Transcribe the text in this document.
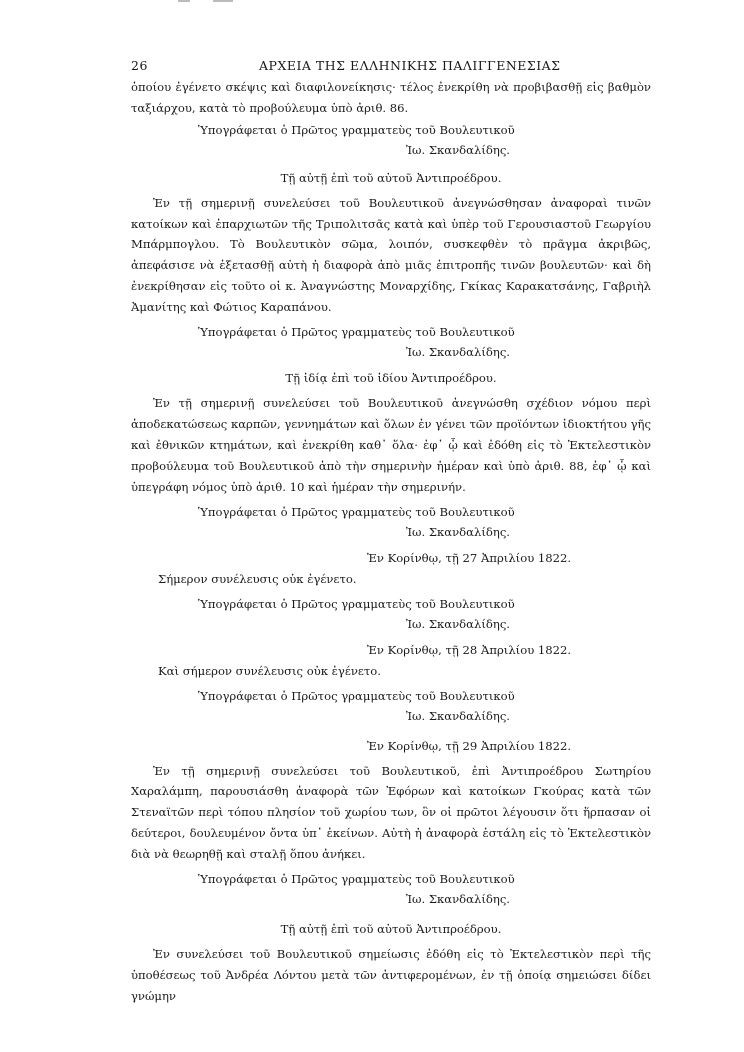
26	ΑΡΧΕΙΑ ΤΗΣ ΕΛΛΗΝΙΚΗΣ ΠΑΛΙΓΓΕΝΕΣΙΑΣ

ὁποίου ἐγένετο σκέψις καὶ διαφιλονείκησις· τέλος ἐνεκρίθη νὰ προβιβασθῇ εἰς βαθμὸν ταξιάρχου, κατὰ τὸ προβούλευμα ὑπὸ ἀριθ. 86.

Ὑπογράφεται ὁ Πρῶτος γραμματεὺς τοῦ Βουλευτικοῦ
Ἰω. Σκανδαλίδης.

Τῇ αὐτῇ ἐπὶ τοῦ αὐτοῦ Ἀντιπροέδρου.

Ἐν τῇ σημερινῇ συνελεύσει τοῦ Βουλευτικοῦ ἀνεγνώσθησαν ἀναφοραὶ τινῶν κατοίκων καὶ ἐπαρχιωτῶν τῆς Τριπολιτσᾶς κατὰ καὶ ὑπὲρ τοῦ Γερουσιαστοῦ Γεωργίου Μπάρμπογλου. Τὸ Βουλευτικὸν σῶμα, λοιπόν, συσκεφθὲν τὸ πρᾶγμα ἀκριβῶς, ἀπεφάσισε νὰ ἐξετασθῇ αὐτὴ ἡ διαφορὰ ἀπὸ μιᾶς ἐπιτροπῆς τινῶν βουλευτῶν· καὶ δὴ ἐνεκρίθησαν εἰς τοῦτο οἱ κ. Ἀναγνώστης Μοναρχίδης, Γκίκας Καρακατσάνης, Γαβριὴλ Ἀμανίτης καὶ Φώτιος Καραπάνου.

Ὑπογράφεται ὁ Πρῶτος γραμματεὺς τοῦ Βουλευτικοῦ
Ἰω. Σκανδαλίδης.

Τῇ ἰδίᾳ ἐπὶ τοῦ ἰδίου Ἀντιπροέδρου.

Ἐν τῇ σημερινῇ συνελεύσει τοῦ Βουλευτικοῦ ἀνεγνώσθη σχέδιον νόμου περὶ ἀποδεκατώσεως καρπῶν, γεννημάτων καὶ ὅλων ἐν γένει τῶν προϊόντων ἰδιοκτήτου γῆς καὶ ἐθνικῶν κτημάτων, καὶ ἐνεκρίθη καθ᾽ ὅλα· ἐφ᾽ ᾧ καὶ ἐδόθη εἰς τὸ Ἐκτελεστικὸν προβούλευμα τοῦ Βουλευτικοῦ ἀπὸ τὴν σημερινὴν ἡμέραν καὶ ὑπὸ ἀριθ. 88, ἐφ᾽ ᾧ καὶ ὑπεγράφη νόμος ὑπὸ ἀριθ. 10 καὶ ἡμέραν τὴν σημερινήν.

Ὑπογράφεται ὁ Πρῶτος γραμματεὺς τοῦ Βουλευτικοῦ
Ἰω. Σκανδαλίδης.

Ἐν Κορίνθῳ, τῇ 27 Ἀπριλίου 1822.

Σήμερον συνέλευσις οὐκ ἐγένετο.

Ὑπογράφεται ὁ Πρῶτος γραμματεὺς τοῦ Βουλευτικοῦ
Ἰω. Σκανδαλίδης.

Ἐν Κορίνθῳ, τῇ 28 Ἀπριλίου 1822.

Καὶ σήμερον συνέλευσις οὐκ ἐγένετο.

Ὑπογράφεται ὁ Πρῶτος γραμματεὺς τοῦ Βουλευτικοῦ
Ἰω. Σκανδαλίδης.

Ἐν Κορίνθῳ, τῇ 29 Ἀπριλίου 1822.

Ἐν τῇ σημερινῇ συνελεύσει τοῦ Βουλευτικοῦ, ἐπὶ Ἀντιπροέδρου Σωτηρίου Χαραλάμπη, παρουσιάσθη ἀναφορὰ τῶν Ἐφόρων καὶ κατοίκων Γκούρας κατὰ τῶν Στεναϊτῶν περὶ τόπου πλησίον τοῦ χωρίου των, ὃν οἱ πρῶτοι λέγουσιν ὅτι ἥρπασαν οἱ δεύτεροι, δουλευμένον ὄντα ὑπ᾽ ἐκείνων. Αὐτὴ ἡ ἀναφορὰ ἐστάλη εἰς τὸ Ἐκτελεστικὸν διὰ νὰ θεωρηθῇ καὶ σταλῇ ὅπου ἀνήκει.

Ὑπογράφεται ὁ Πρῶτος γραμματεὺς τοῦ Βουλευτικοῦ
Ἰω. Σκανδαλίδης.

Τῇ αὐτῇ ἐπὶ τοῦ αὐτοῦ Ἀντιπροέδρου.

Ἐν συνελεύσει τοῦ Βουλευτικοῦ σημείωσις ἐδόθη εἰς τὸ Ἐκτελεστικὸν περὶ τῆς ὑποθέσεως τοῦ Ἀνδρέα Λόντου μετὰ τῶν ἀντιφερομένων, ἐν τῇ ὁποίᾳ σημειώσει δίδει γνώμην
